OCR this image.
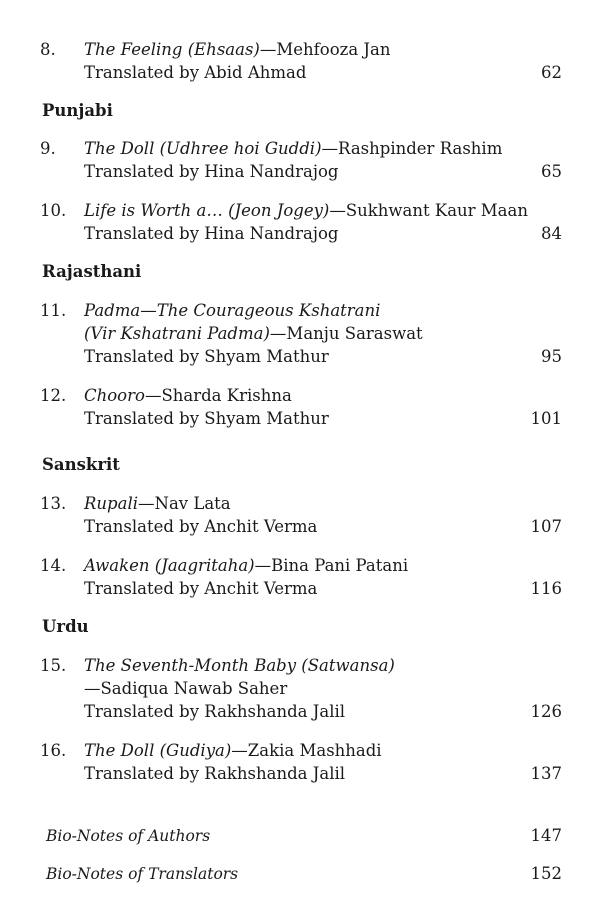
8. The Feeling (Ehsaas)—Mehfooza Jan
Translated by Abid Ahmad	62
Punjabi
9. The Doll (Udhree hoi Guddi)—Rashpinder Rashim
Translated by Hina Nandrajog	65
10. Life is Worth a… (Jeon Jogey)—Sukhwant Kaur Maan
Translated by Hina Nandrajog	84
Rajasthani
11. Padma—The Courageous Kshatrani
(Vir Kshatrani Padma)—Manju Saraswat
Translated by Shyam Mathur	95
12. Chooro—Sharda Krishna
Translated by Shyam Mathur	101
Sanskrit
13. Rupali—Nav Lata
Translated by Anchit Verma	107
14. Awaken (Jaagritaha)—Bina Pani Patani
Translated by Anchit Verma	116
Urdu
15. The Seventh-Month Baby (Satwansa)
—Sadiqua Nawab Saher
Translated by Rakhshanda Jalil	126
16. The Doll (Gudiya)—Zakia Mashhadi
Translated by Rakhshanda Jalil	137
Bio-Notes of Authors	147
Bio-Notes of Translators	152
